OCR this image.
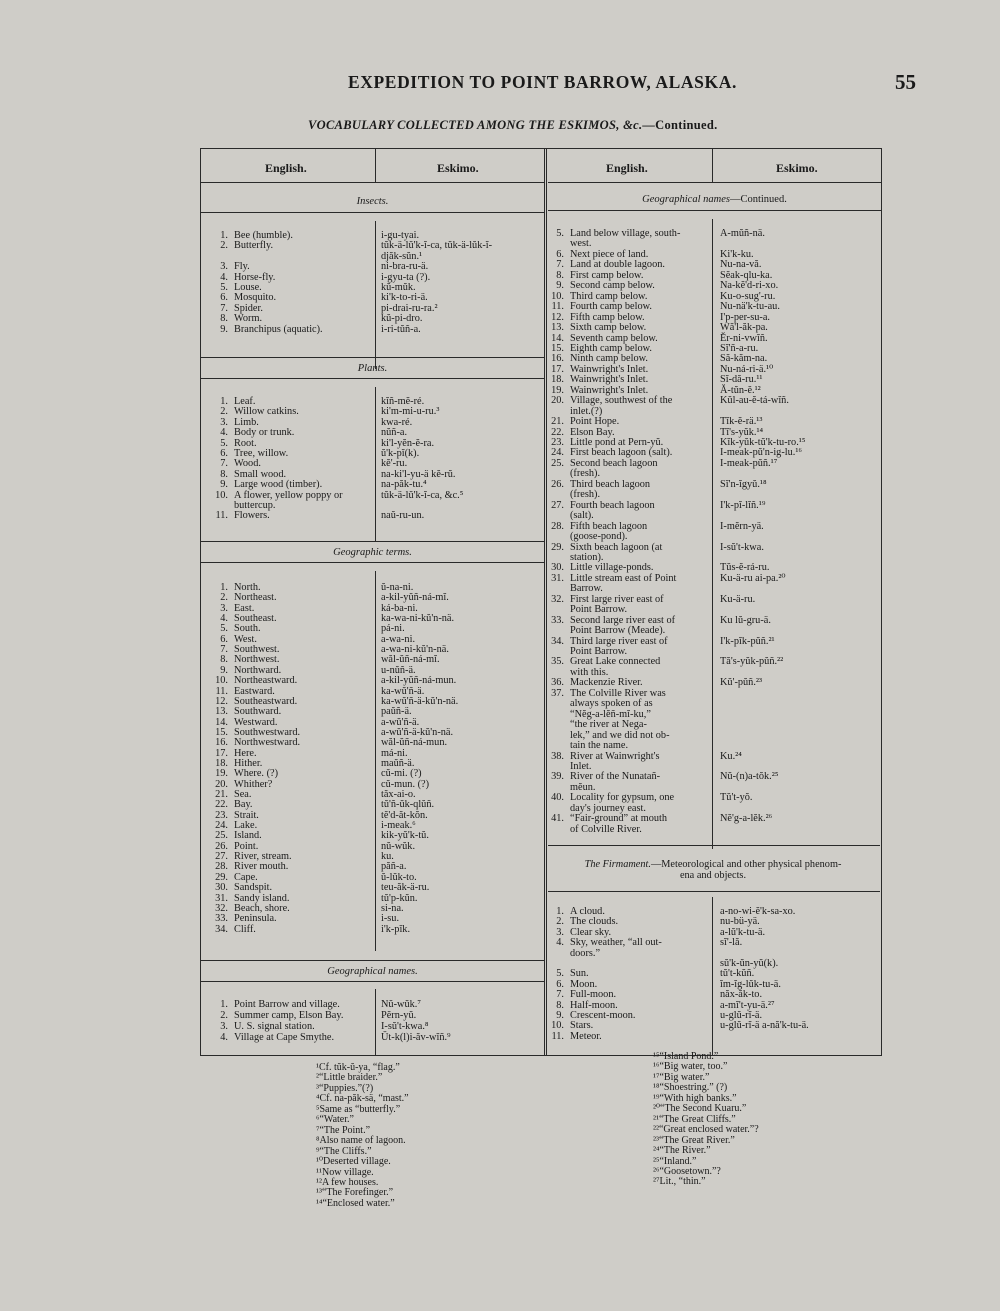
EXPEDITION TO POINT BARROW, ALASKA.	55
VOCABULARY COLLECTED AMONG THE ESKIMOS, &c.—Continued.
English.	Eskimo.
Insects.
1. Bee (humble).	i-gu-tyai.
2. Butterfly.	tŭk-ä-lŭ'k-ĭ-ca, tŭk-ä-lŭk-ĭ-
djăk-sŭn.¹
3. Fly.	ni-bra-ru-ä.
4. Horse-fly.	i-gyu-ta (?).
5. Louse.	kŭ-mŭk.
6. Mosquito.	ki'k-to-ri-ä.
7. Spider.	pi-drai-ru-ra.²
8. Worm.	kŭ-pi-dro.
9. Branchipus (aquatic).	i-ri-tŭñ-a.
Plants.
1. Leaf.	kĭñ-mĕ-ré.
2. Willow catkins.	ki'm-mi-u-ru.³
3. Limb.	kwa-ré.
4. Body or trunk.	nŭñ-a.
5. Root.	ki'l-yĕn-ĕ-ra.
6. Tree, willow.	ŭ'k-pĭ(k).
7. Wood.	kĕ'-ru.
8. Small wood.	na-ki'l-yu-ä kĕ-rŭ.
9. Large wood (timber).	na-păk-tu.⁴
10. A flower, yellow poppy or	tŭk-ä-lŭ'k-ĭ-ca, &c.⁵
buttercup.
11. Flowers.	naŭ-ru-un.
Geographic terms.
1. North.	ŭ-na-ni.
2. Northeast.	a-kil-yŭñ-ná-mĭ.
3. East.	ká-ba-ni.
4. Southeast.	ka-wa-ni-kŭ'n-nä.
5. South.	pá-ni.
6. West.	a-wa-ni.
7. Southwest.	a-wa-ni-kŭ'n-nä.
8. Northwest.	wăl-ŭñ-ná-mĭ.
9. Northward.	u-nŭñ-ä.
10. Northeastward.	a-kil-yŭñ-ná-mun.
11. Eastward.	ka-wŭ'ñ-ä.
12. Southeastward.	ka-wŭ'ñ-ä-kŭ'n-nä.
13. Southward.	paŭñ-ä.
14. Westward.	a-wŭ'ñ-ä.
15. Southwestward.	a-wŭ'ñ-ä-kŭ'n-nä.
16. Northwestward.	wăl-ŭñ-ná-mun.
17. Here.	má-ni.
18. Hither.	maŭñ-ä.
19. Where. (?)	cŭ-mi. (?)
20. Whither?	cŭ-mun. (?)
21. Sea.	tăx-ai-o.
22. Bay.	tŭ'ñ-ŭk-qlŭñ.
23. Strait.	tĕ'd-ăt-kŏn.
24. Lake.	i-meak.⁶
25. Island.	kik-yŭ'k-tŭ.
26. Point.	nŭ-wŭk.
27. River, stream.	ku.
28. River mouth.	păñ-a.
29. Cape.	ŭ-lŭk-to.
30. Sandspit.	teu-ăk-ä-ru.
31. Sandy island.	tŭ'p-kŭn.
32. Beach, shore.	si-na.
33. Peninsula.	i-su.
34. Cliff.	i'k-pĭk.
Geographical names.
1. Point Barrow and village.	Nŭ-wŭk.⁷
2. Summer camp, Elson Bay.	Pĕrn-yŭ.
3. U. S. signal station.	I-sŭ't-kwa.⁸
4. Village at Cape Smythe.	Ŭt-k(l)i-ăv-wĭñ.⁹
English.	Eskimo.
Geographical names—Continued.
5. Land below village, south-	A-mŭñ-nä.
west.
6. Next piece of land.	Ki'k-ku.
7. Land at double lagoon.	Nu-na-vă.
8. First camp below.	Sĕak-qlu-ka.
9. Second camp below.	Na-kĕ'd-ri-xo.
10. Third camp below.	Ku-o-sug'-ru.
11. Fourth camp below.	Nu-nä'k-tu-au.
12. Fifth camp below.	I'p-per-su-a.
13. Sixth camp below.	Wă'l-ăk-pa.
14. Seventh camp below.	Ĕr-ni-vwĭñ.
15. Eighth camp below.	Sĭ'ñ-a-ru.
16. Ninth camp below.	Să-kăm-na.
17. Wainwright's Inlet.	Nu-ná-ri-ä.¹⁰
18. Wainwright's Inlet.	Sĭ-dă-ru.¹¹
19. Wainwright's Inlet.	Ă-tŭn-ĕ.¹²
20. Village, southwest of the	Kŭl-au-ĕ-tá-wĭñ.
inlet.(?)
21. Point Hope.	Tĭk-ĕ-rä.¹³
22. Elson Bay.	Tĭ's-yŭk.¹⁴
23. Little pond at Pern-yŭ.	Kĭk-yŭk-tŭ'k-tu-ro.¹⁵
24. First beach lagoon (salt).	I-meak-pŭ'n-ig-lu.¹⁶
25. Second beach lagoon	I-meak-pŭñ.¹⁷
(fresh).
26. Third beach lagoon	Sĭ'n-ĭgyŭ.¹⁸
(fresh).
27. Fourth beach lagoon	I'k-pĭ-lĭñ.¹⁹
(salt).
28. Fifth beach lagoon	I-mĕrn-yä.
(goose-pond).
29. Sixth beach lagoon (at	I-sŭ't-kwa.
station).
30. Little village-ponds.	Tŭs-ĕ-rá-ru.
31. Little stream east of Point	Ku-ä-ru ai-pa.²⁰
Barrow.
32. First large river east of	Ku-ä-ru.
Point Barrow.
33. Second large river east of	Ku lŭ-gru-ä.
Point Barrow (Meade).
34. Third large river east of	I'k-pĭk-pŭñ.²¹
Point Barrow.
35. Great Lake connected	Tă's-yŭk-pŭñ.²²
with this.
36. Mackenzie River.	Kŭ'-pŭñ.²³
37. The Colville River was
always spoken of as
“Nĕg-a-lĕñ-mĭ-ku,”
“the river at Nega-
lek,” and we did not ob-
tain the name.
38. River at Wainwright's	Ku.²⁴
Inlet.
39. River of the Nunatañ-	Nŭ-(n)a-tŏk.²⁵
mĕun.
40. Locality for gypsum, one	Tŭ't-yŏ.
day's journey east.
41. “Fair-ground” at mouth	Nĕ'g-a-lĕk.²⁶
of Colville River.
The Firmament.—Meteorological and other physical phenom-
ena and objects.
1. A cloud.	a-no-wi-ĕ'k-sa-xo.
2. The clouds.	nu-bü-yä.
3. Clear sky.	a-lŭ'k-tu-ä.
4. Sky, weather, “all out-	sĭ'-lă.
doors.”
sŭ'k-ŭn-yŭ(k).
5. Sun.	tŭ't-kŭñ.
6. Moon.	ĭm-ĭg-lŭk-tu-ä.
7. Full-moon.	năx-ăk-to.
8. Half-moon.	a-mĭ't-yu-ä.²⁷
9. Crescent-moon.	u-glŭ-rĭ-ä.
10. Stars.	u-glŭ-rĭ-ä a-nă'k-tu-ä.
11. Meteor.
¹Cf. tŭk-ŭ-ya, “flag.”
²“Little braider.”
³“Puppies.”(?)
⁴Cf. na-păk-sä, “mast.”
⁵Same as “butterfly.”
⁶“Water.”
⁷“The Point.”
⁸Also name of lagoon.
⁹“The Cliffs.”
¹⁰Deserted village.
¹¹Now village.
¹²A few houses.
¹³“The Forefinger.”
¹⁴“Enclosed water.”
¹⁵“Island Pond.”
¹⁶“Big water, too.”
¹⁷“Big water.”
¹⁸“Shoestring.” (?)
¹⁹“With high banks.”
²⁰“The Second Kuaru.”
²¹“The Great Cliffs.”
²²“Great enclosed water.”?
²³“The Great River.”
²⁴“The River.”
²⁵“Inland.”
²⁶“Goosetown.”?
²⁷Lit., “thin.”
